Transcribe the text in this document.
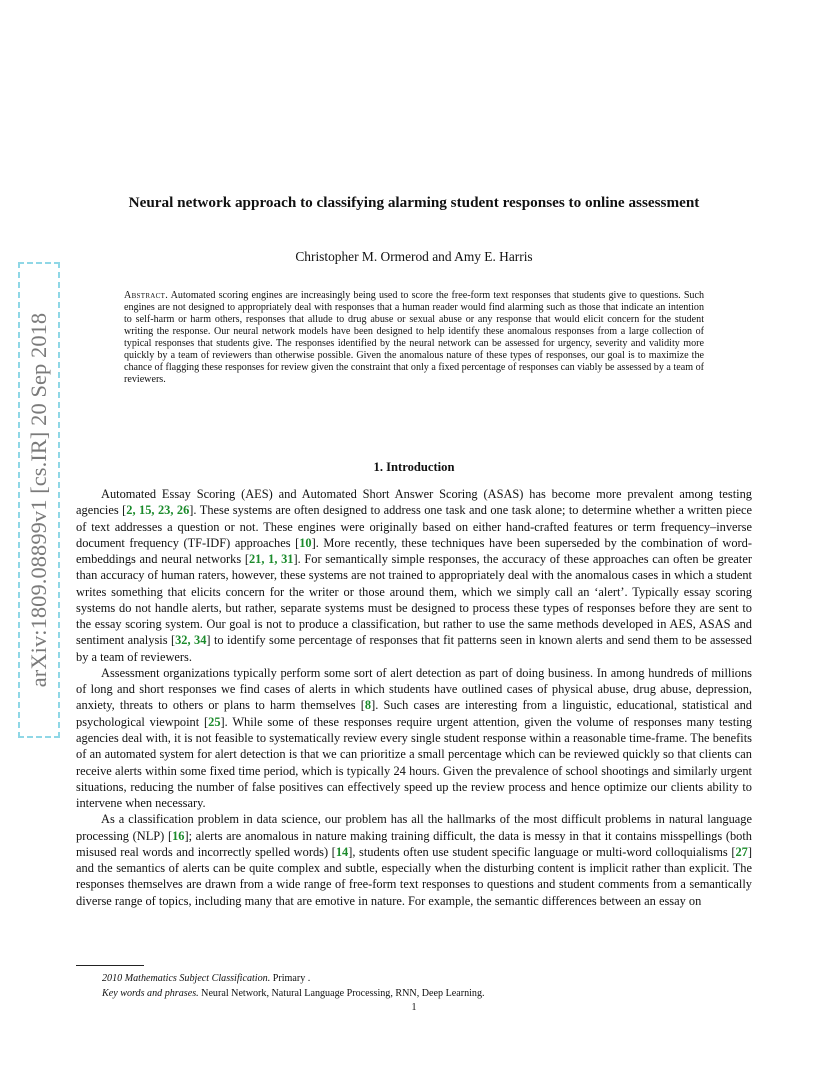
arXiv:1809.08899v1 [cs.IR] 20 Sep 2018
Neural network approach to classifying alarming student responses to online assessment
Christopher M. Ormerod and Amy E. Harris
Abstract. Automated scoring engines are increasingly being used to score the free-form text responses that students give to questions. Such engines are not designed to appropriately deal with responses that a human reader would find alarming such as those that indicate an intention to self-harm or harm others, responses that allude to drug abuse or sexual abuse or any response that would elicit concern for the student writing the response. Our neural network models have been designed to help identify these anomalous responses from a large collection of typical responses that students give. The responses identified by the neural network can be assessed for urgency, severity and validity more quickly by a team of reviewers than otherwise possible. Given the anomalous nature of these types of responses, our goal is to maximize the chance of flagging these responses for review given the constraint that only a fixed percentage of responses can viably be assessed by a team of reviewers.
1. Introduction

Automated Essay Scoring (AES) and Automated Short Answer Scoring (ASAS) has become more prevalent among testing agencies [2, 15, 23, 26]. These systems are often designed to address one task and one task alone; to determine whether a written piece of text addresses a question or not. These engines were originally based on either hand-crafted features or term frequency–inverse document frequency (TF-IDF) approaches [10]. More recently, these techniques have been superseded by the combination of word-embeddings and neural networks [21, 1, 31]. For semantically simple responses, the accuracy of these approaches can often be greater than accuracy of human raters, however, these systems are not trained to appropriately deal with the anomalous cases in which a student writes something that elicits concern for the writer or those around them, which we simply call an ‘alert’. Typically essay scoring systems do not handle alerts, but rather, separate systems must be designed to process these types of responses before they are sent to the essay scoring system. Our goal is not to produce a classification, but rather to use the same methods developed in AES, ASAS and sentiment analysis [32, 34] to identify some percentage of responses that fit patterns seen in known alerts and send them to be assessed by a team of reviewers.

Assessment organizations typically perform some sort of alert detection as part of doing business. In among hundreds of millions of long and short responses we find cases of alerts in which students have outlined cases of physical abuse, drug abuse, depression, anxiety, threats to others or plans to harm themselves [8]. Such cases are interesting from a linguistic, educational, statistical and psychological viewpoint [25]. While some of these responses require urgent attention, given the volume of responses many testing agencies deal with, it is not feasible to systematically review every single student response within a reasonable time-frame. The benefits of an automated system for alert detection is that we can prioritize a small percentage which can be reviewed quickly so that clients can receive alerts within some fixed time period, which is typically 24 hours. Given the prevalence of school shootings and similarly urgent situations, reducing the number of false positives can effectively speed up the review process and hence optimize our clients ability to intervene when necessary.

As a classification problem in data science, our problem has all the hallmarks of the most difficult problems in natural language processing (NLP) [16]; alerts are anomalous in nature making training difficult, the data is messy in that it contains misspellings (both misused real words and incorrectly spelled words) [14], students often use student specific language or multi-word colloquialisms [27] and the semantics of alerts can be quite complex and subtle, especially when the disturbing content is implicit rather than explicit. The responses themselves are drawn from a wide range of free-form text responses to questions and student comments from a semantically diverse range of topics, including many that are emotive in nature. For example, the semantic differences between an essay on

2010 Mathematics Subject Classification. Primary .
Key words and phrases. Neural Network, Natural Language Processing, RNN, Deep Learning.
1
